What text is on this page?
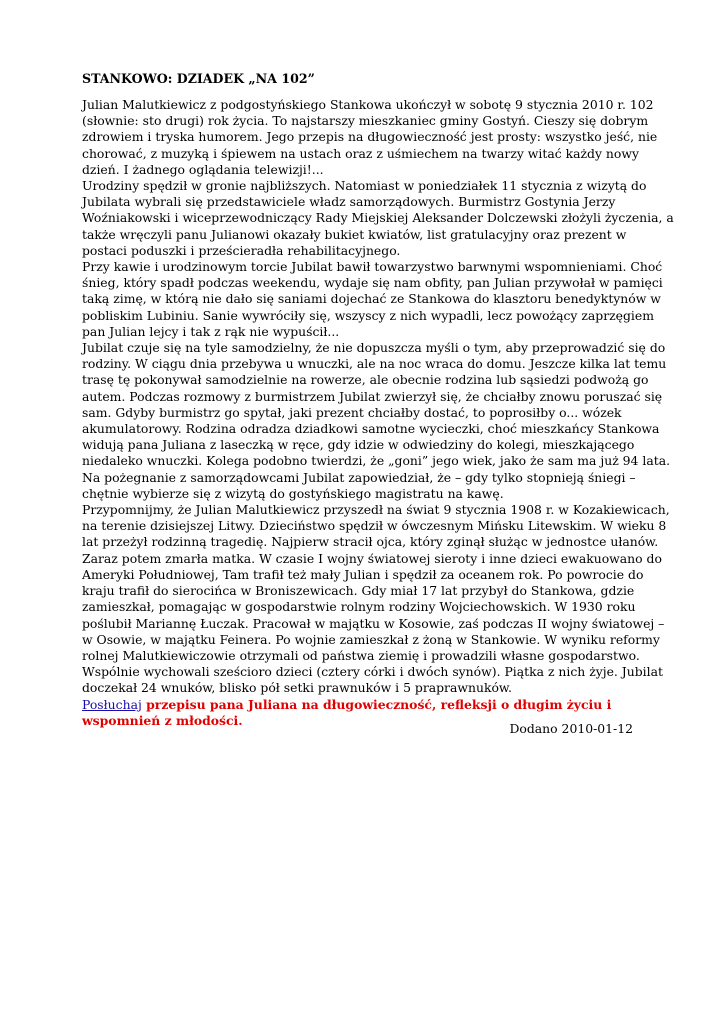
STANKOWO: DZIADEK „NA 102”
Julian Malutkiewicz z podgostyńskiego Stankowa ukończył w sobotę 9 stycznia 2010 r. 102
(słownie: sto drugi) rok życia. To najstarszy mieszkaniec gminy Gostyń. Cieszy się dobrym
zdrowiem i tryska humorem. Jego przepis na długowieczność jest prosty: wszystko jeść, nie
chorować, z muzyką i śpiewem na ustach oraz z uśmiechem na twarzy witać każdy nowy
dzień. I żadnego oglądania telewizji!...
Urodziny spędził w gronie najbliższych. Natomiast w poniedziałek 11 stycznia z wizytą do
Jubilata wybrali się przedstawiciele władz samorządowych. Burmistrz Gostynia Jerzy
Woźniakowski i wiceprzewodniczący Rady Miejskiej Aleksander Dolczewski złożyli życzenia, a
także wręczyli panu Julianowi okazały bukiet kwiatów, list gratulacyjny oraz prezent w
postaci poduszki i prześcieradła rehabilitacyjnego.
Przy kawie i urodzinowym torcie Jubilat bawił towarzystwo barwnymi wspomnieniami. Choć
śnieg, który spadł podczas weekendu, wydaje się nam obfity, pan Julian przywołał w pamięci
taką zimę, w którą nie dało się saniami dojechać ze Stankowa do klasztoru benedyktynów w
pobliskim Lubiniu. Sanie wywróciły się, wszyscy z nich wypadli, lecz powożący zaprzęgiem
pan Julian lejcy i tak z rąk nie wypuścił...
Jubilat czuje się na tyle samodzielny, że nie dopuszcza myśli o tym, aby przeprowadzić się do
rodziny. W ciągu dnia przebywa u wnuczki, ale na noc wraca do domu. Jeszcze kilka lat temu
trasę tę pokonywał samodzielnie na rowerze, ale obecnie rodzina lub sąsiedzi podwożą go
autem. Podczas rozmowy z burmistrzem Jubilat zwierzył się, że chciałby znowu poruszać się
sam. Gdyby burmistrz go spytał, jaki prezent chciałby dostać, to poprosiłby o... wózek
akumulatorowy. Rodzina odradza dziadkowi samotne wycieczki, choć mieszkańcy Stankowa
widują pana Juliana z laseczką w ręce, gdy idzie w odwiedziny do kolegi, mieszkającego
niedaleko wnuczki. Kolega podobno twierdzi, że „goni” jego wiek, jako że sam ma już 94 lata.
Na pożegnanie z samorządowcami Jubilat zapowiedział, że – gdy tylko stopnieją śniegi –
chętnie wybierze się z wizytą do gostyńskiego magistratu na kawę.
Przypomnijmy, że Julian Malutkiewicz przyszedł na świat 9 stycznia 1908 r. w Kozakiewicach,
na terenie dzisiejszej Litwy. Dzieciństwo spędził w ówczesnym Mińsku Litewskim. W wieku 8
lat przeżył rodzinną tragedię. Najpierw stracił ojca, który zginął służąc w jednostce ułanów.
Zaraz potem zmarła matka. W czasie I wojny światowej sieroty i inne dzieci ewakuowano do
Ameryki Południowej, Tam trafił też mały Julian i spędził za oceanem rok. Po powrocie do
kraju trafił do sierocińca w Broniszewicach. Gdy miał 17 lat przybył do Stankowa, gdzie
zamieszkał, pomagając w gospodarstwie rolnym rodziny Wojciechowskich. W 1930 roku
poślubił Mariannę Łuczak. Pracował w majątku w Kosowie, zaś podczas II wojny światowej –
w Osowie, w majątku Feinera. Po wojnie zamieszkał z żoną w Stankowie. W wyniku reformy
rolnej Malutkiewiczowie otrzymali od państwa ziemię i prowadzili własne gospodarstwo.
Wspólnie wychowali sześcioro dzieci (cztery córki i dwóch synów). Piątka z nich żyje. Jubilat
doczekał 24 wnuków, blisko pół setki prawnuków i 5 praprawnuków.
Posłuchaj przepisu pana Juliana na długowieczność, refleksji o długim życiu i
wspomnień z młodości.
Dodano 2010-01-12
